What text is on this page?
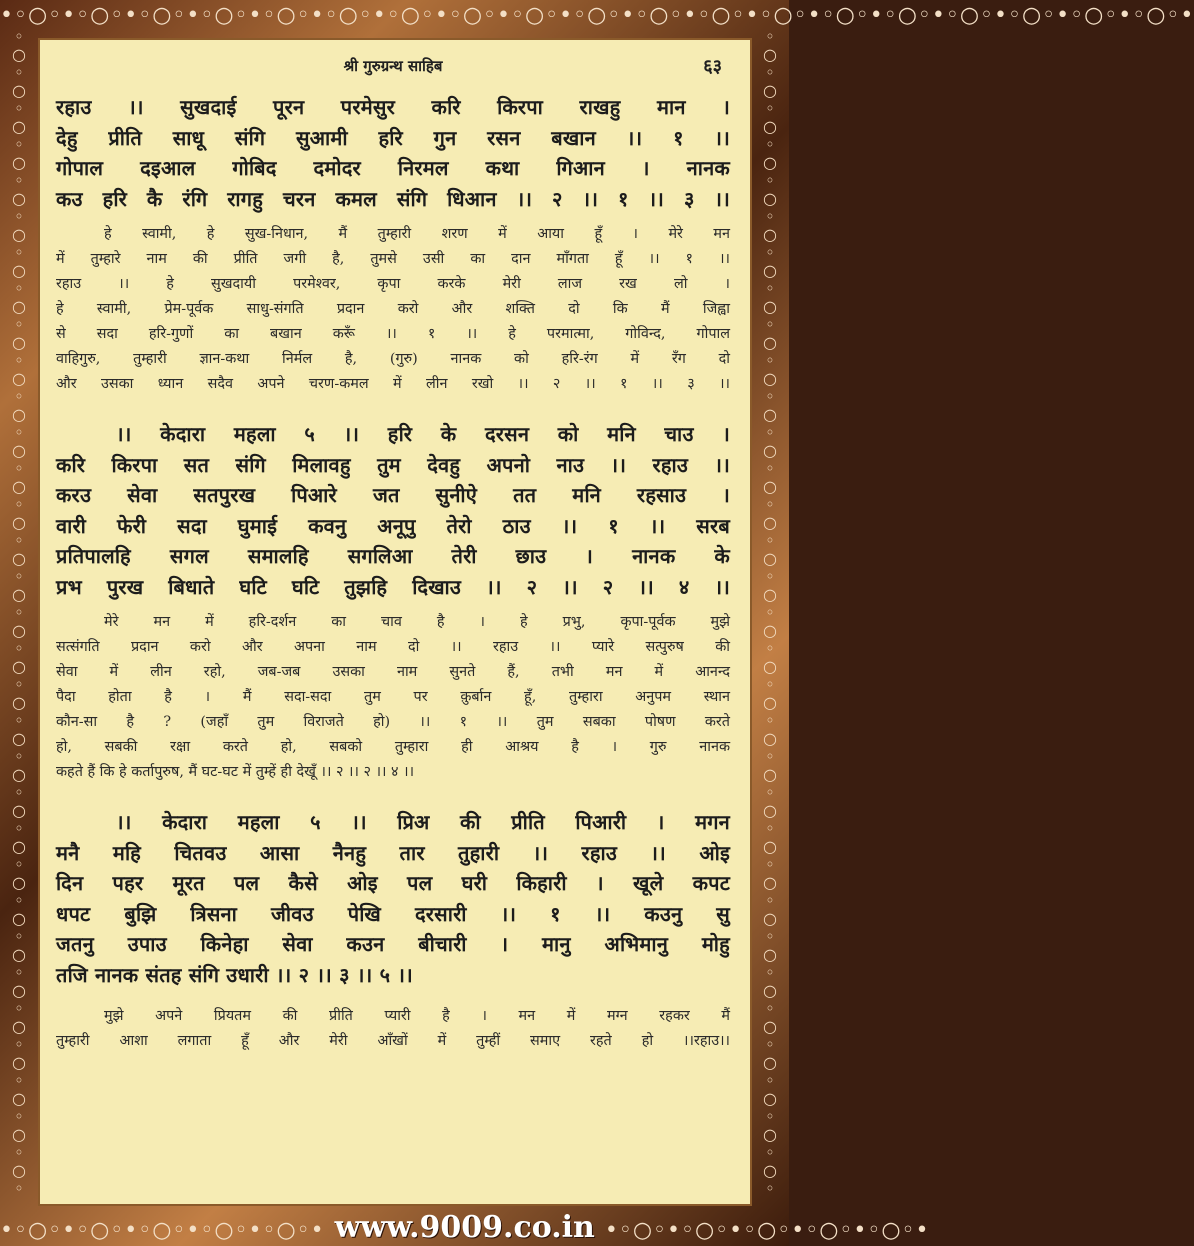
•◦○◦•◦○◦•◦○◦•◦○◦•◦○◦•◦○◦•◦○◦•◦○◦•◦○◦•◦○◦•◦○◦•◦○◦•◦○◦•◦○◦•◦○◦•◦○◦•◦○◦•◦○◦•◦○◦•
◦
○
◦
○
◦
○
◦
○
◦
○
◦
○
◦
○
◦
○
◦
○
◦
○
◦
○
◦
○
◦
○
◦
○
◦
○
◦
○
◦
○
◦
○
◦
○
◦
○
◦
○
◦
○
◦
○
◦
○
◦
○
◦
○
◦
○
◦
○
◦
○
◦
○
◦
○
◦
○
◦
◦
○
◦
○
◦
○
◦
○
◦
○
◦
○
◦
○
◦
○
◦
○
◦
○
◦
○
◦
○
◦
○
◦
○
◦
○
◦
○
◦
○
◦
○
◦
○
◦
○
◦
○
◦
○
◦
○
◦
○
◦
○
◦
○
◦
○
◦
○
◦
○
◦
○
◦
○
◦
○
◦
•◦○◦•◦○◦•◦○◦•◦○◦•◦○◦• www.9009.co.in •◦○◦•◦○◦•◦○◦•◦○◦•◦○◦•
श्री गुरुग्रन्थ साहिब	६३
रहाउ ।। सुखदाई पूरन परमेसुर करि किरपा राखहु मान ।
देहु प्रीति साधू संगि सुआमी हरि गुन रसन बखान ।। १ ।।
गोपाल दइआल गोबिद दमोदर निरमल कथा गिआन । नानक
कउ हरि कै रंगि रागहु चरन कमल संगि धिआन ।। २ ।। १ ।। ३ ।।
हे स्वामी, हे सुख-निधान, मैं तुम्हारी शरण में आया हूँ । मेरे मन
में तुम्हारे नाम की प्रीति जगी है, तुमसे उसी का दान माँगता हूँ ।। १ ।।
रहाउ ।। हे सुखदायी परमेश्वर, कृपा करके मेरी लाज रख लो ।
हे स्वामी, प्रेम-पूर्वक साधु-संगति प्रदान करो और शक्ति दो कि मैं जिह्वा
से सदा हरि-गुणों का बखान करूँ ।। १ ।। हे परमात्मा, गोविन्द, गोपाल
वाहिगुरु, तुम्हारी ज्ञान-कथा निर्मल है, (गुरु) नानक को हरि-रंग में रँग दो
और उसका ध्यान सदैव अपने चरण-कमल में लीन रखो ।। २ ।। १ ।। ३ ।।
।। केदारा महला ५ ।। हरि के दरसन को मनि चाउ ।
करि किरपा सत संगि मिलावहु तुम देवहु अपनो नाउ ।। रहाउ ।।
करउ सेवा सतपुरख पिआरे जत सुनीऐ तत मनि रहसाउ ।
वारी फेरी सदा घुमाई कवनु अनूपु तेरो ठाउ ।। १ ।। सरब
प्रतिपालहि सगल समालहि सगलिआ तेरी छाउ । नानक के
प्रभ पुरख बिधाते घटि घटि तुझहि दिखाउ ।। २ ।। २ ।। ४ ।।
मेरे मन में हरि-दर्शन का चाव है । हे प्रभु, कृपा-पूर्वक मुझे
सत्संगति प्रदान करो और अपना नाम दो ।। रहाउ ।। प्यारे सत्पुरुष की
सेवा में लीन रहो, जब-जब उसका नाम सुनते हैं, तभी मन में आनन्द
पैदा होता है । मैं सदा-सदा तुम पर क़ुर्बान हूँ, तुम्हारा अनुपम स्थान
कौन-सा है ? (जहाँ तुम विराजते हो) ।। १ ।। तुम सबका पोषण करते
हो, सबकी रक्षा करते हो, सबको तुम्हारा ही आश्रय है । गुरु नानक
कहते हैं कि हे कर्तापुरुष, मैं घट-घट में तुम्हें ही देखूँ ।। २ ।। २ ।। ४ ।।
।। केदारा महला ५ ।। प्रिअ की प्रीति पिआरी । मगन
मनै महि चितवउ आसा नैनहु तार तुहारी ।। रहाउ ।। ओइ
दिन पहर मूरत पल कैसे ओइ पल घरी किहारी । खूले कपट
धपट बुझि त्रिसना जीवउ पेखि दरसारी ।। १ ।। कउनु सु
जतनु उपाउ किनेहा सेवा कउन बीचारी । मानु अभिमानु मोहु
तजि नानक संतह संगि उधारी ।। २ ।। ३ ।। ५ ।।
मुझे अपने प्रियतम की प्रीति प्यारी है । मन में मग्न रहकर मैं
तुम्हारी आशा लगाता हूँ और मेरी आँखों में तुम्हीं समाए रहते हो ।।रहाउ।।
